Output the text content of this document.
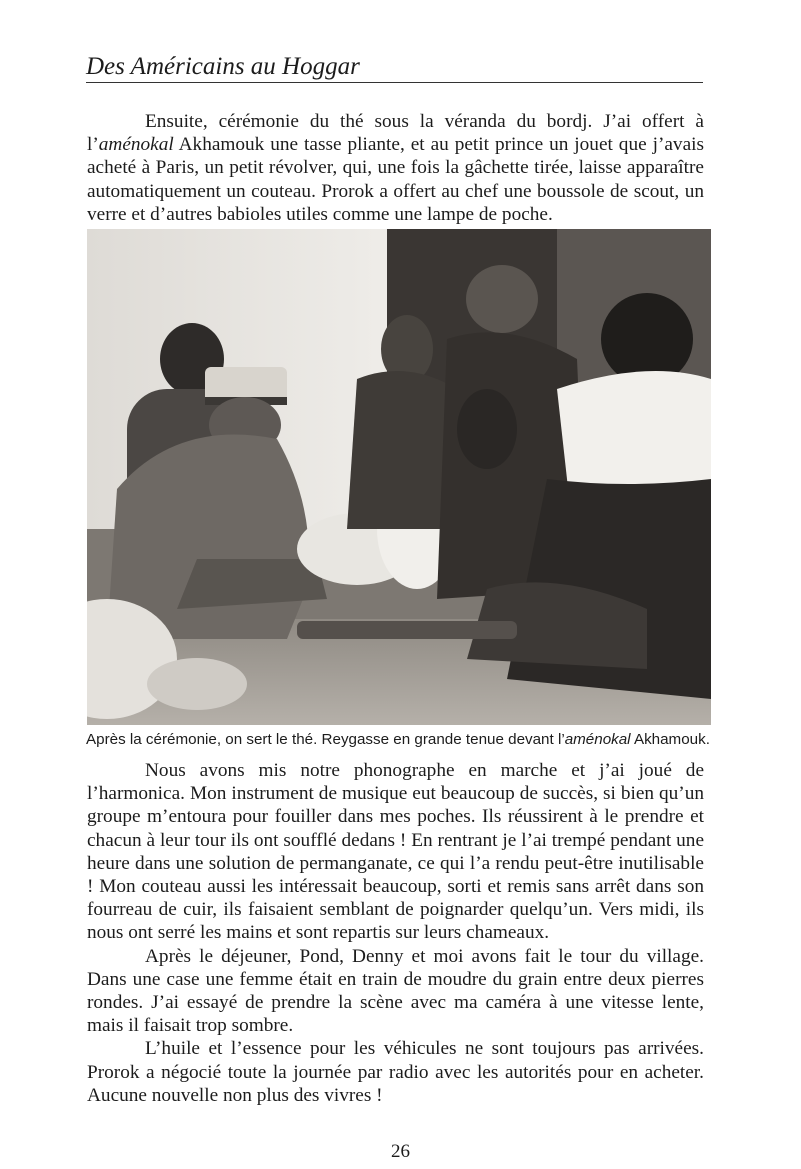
Des Américains au Hoggar

Ensuite, cérémonie du thé sous la véranda du bordj. J’ai offert à l’aménokal Akhamouk une tasse pliante, et au petit prince un jouet que j’avais acheté à Paris, un petit révolver, qui, une fois la gâchette tirée, laisse apparaître automatiquement un couteau. Prorok a offert au chef une boussole de scout, un verre et d’autres babioles utiles comme une lampe de poche.

Après la cérémonie, on sert le thé. Reygasse en grande tenue devant l’aménokal Akhamouk.

Nous avons mis notre phonographe en marche et j’ai joué de l’harmonica. Mon instrument de musique eut beaucoup de succès, si bien qu’un groupe m’entoura pour fouiller dans mes poches. Ils réussirent à le prendre et chacun à leur tour ils ont soufflé dedans ! En rentrant je l’ai trempé pendant une heure dans une solution de permanganate, ce qui l’a rendu peut-être inutilisable ! Mon couteau aussi les intéressait beaucoup, sorti et remis sans arrêt dans son fourreau de cuir, ils faisaient semblant de poignarder quelqu’un. Vers midi, ils nous ont serré les mains et sont repartis sur leurs chameaux.

Après le déjeuner, Pond, Denny et moi avons fait le tour du village. Dans une case une femme était en train de moudre du grain entre deux pierres rondes. J’ai essayé de prendre la scène avec ma caméra à une vitesse lente, mais il faisait trop sombre.

L’huile et l’essence pour les véhicules ne sont toujours pas arrivées. Prorok a négocié toute la journée par radio avec les autorités pour en acheter. Aucune nouvelle non plus des vivres !

26
